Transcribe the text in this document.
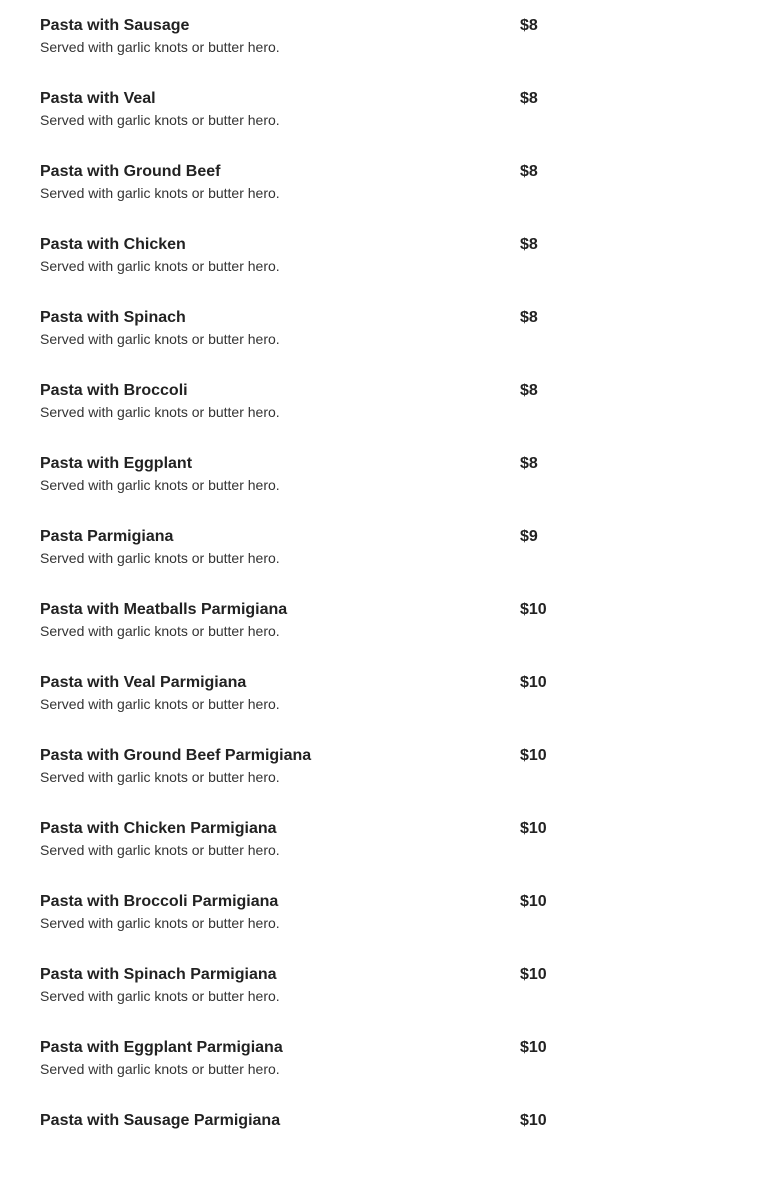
Pasta with Sausage
Served with garlic knots or butter hero.
$8
Pasta with Veal
Served with garlic knots or butter hero.
$8
Pasta with Ground Beef
Served with garlic knots or butter hero.
$8
Pasta with Chicken
Served with garlic knots or butter hero.
$8
Pasta with Spinach
Served with garlic knots or butter hero.
$8
Pasta with Broccoli
Served with garlic knots or butter hero.
$8
Pasta with Eggplant
Served with garlic knots or butter hero.
$8
Pasta Parmigiana
Served with garlic knots or butter hero.
$9
Pasta with Meatballs Parmigiana
Served with garlic knots or butter hero.
$10
Pasta with Veal Parmigiana
Served with garlic knots or butter hero.
$10
Pasta with Ground Beef Parmigiana
Served with garlic knots or butter hero.
$10
Pasta with Chicken Parmigiana
Served with garlic knots or butter hero.
$10
Pasta with Broccoli Parmigiana
Served with garlic knots or butter hero.
$10
Pasta with Spinach Parmigiana
Served with garlic knots or butter hero.
$10
Pasta with Eggplant Parmigiana
Served with garlic knots or butter hero.
$10
Pasta with Sausage Parmigiana	$10
